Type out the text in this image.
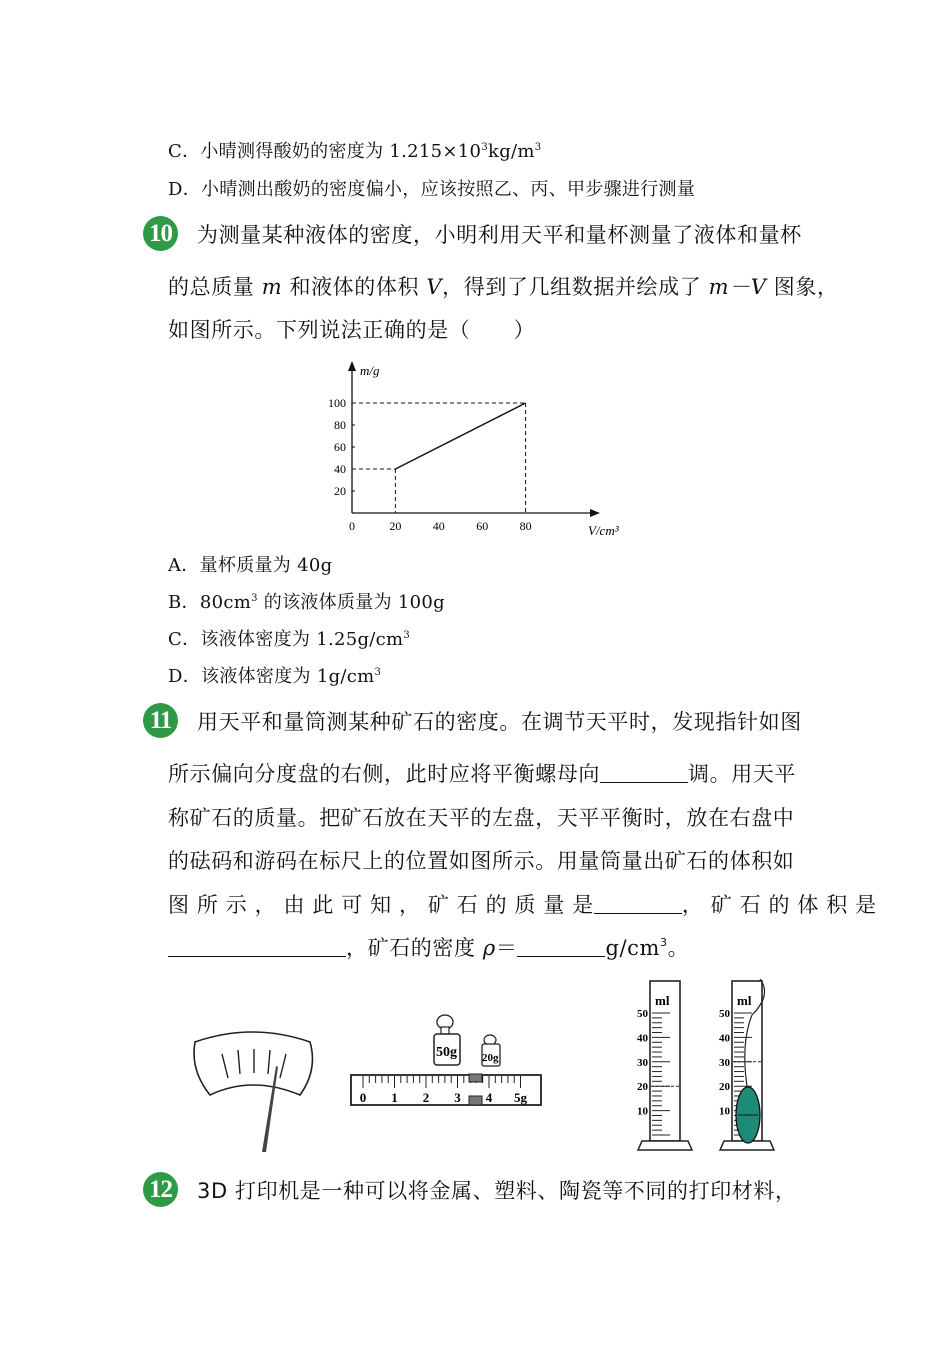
C．小晴测得酸奶的密度为 $1.215\times 10^3kg/m^3$
D．小晴测出酸奶的密度偏小，应该按照乙、丙、甲步骤进行测量
10 为测量某种液体的密度，小明利用天平和量杯测量了液体和量杯
的总质量 m 和液体的体积 V，得到了几组数据并绘成了 m－V 图象，
如图所示。下列说法正确的是（　　）
0	20	40	60	80
20
40
60
80
100
m/g
V/cm³
A．量杯质量为 40g
B．$80cm^3$ 的该液体质量为 100g
C．该液体密度为 $1.25g/cm^3$
D．该液体密度为 $1g/cm^3$
11	用天平和量筒测某种矿石的密度。在调节天平时，发现指针如图
所示偏向分度盘的右侧，此时应将平衡螺母向	调。用天平
称矿石的质量。把矿石放在天平的左盘，天平平衡时，放在右盘中
的砝码和游码在标尺上的位置如图所示。用量筒量出矿石的体积如
图 所 示 ， 由 此 可 知 ， 矿 石 的 质 量 是	， 矿 石 的 体 积 是
，矿石的密度 ρ＝	$g/cm^3$。
50g 20g
0 1 2 3 4 5g
ml
50
40
30
20
10
ml
50
40
30
20
10
12 3D 打印机是一种可以将金属、塑料、陶瓷等不同的打印材料，
